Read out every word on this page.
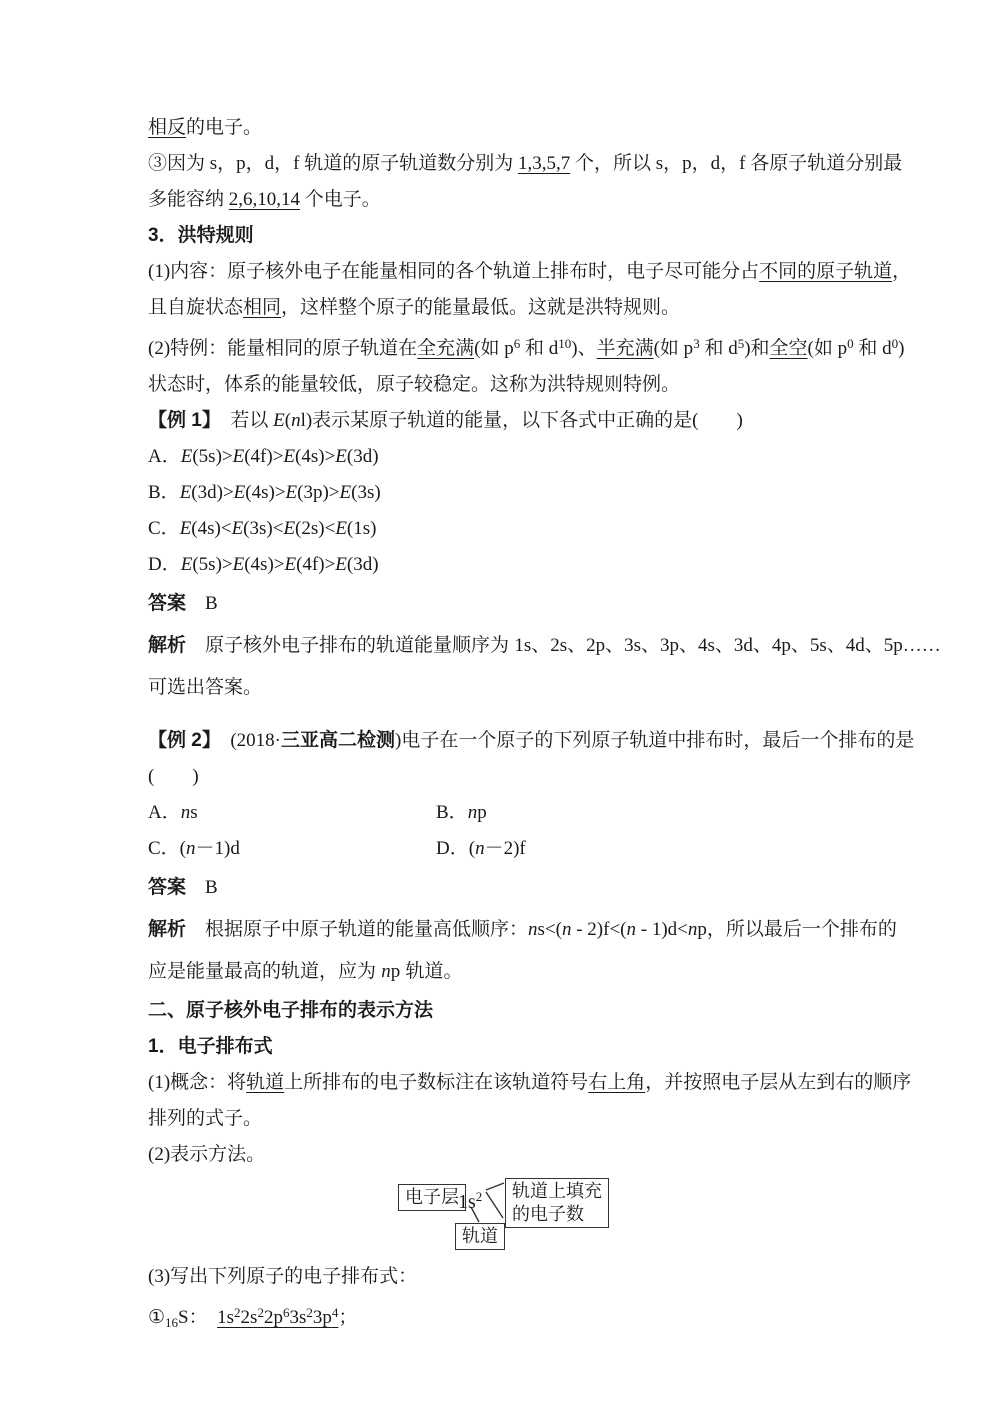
相反的电子。
③因为 s，p，d，f 轨道的原子轨道数分别为 1,3,5,7 个，所以 s，p，d，f 各原子轨道分别最
多能容纳 2,6,10,14 个电子。
3．洪特规则
(1)内容：原子核外电子在能量相同的各个轨道上排布时，电子尽可能分占不同的原子轨道，
且自旋状态相同，这样整个原子的能量最低。这就是洪特规则。
(2)特例：能量相同的原子轨道在全充满(如 $p^6$ 和 $d^{10}$)、半充满(如 $p^3$ 和 $d^5$)和全空(如 $p^0$ 和 $d^0$)
状态时，体系的能量较低，原子较稳定。这称为洪特规则特例。
【例 1】　若以 E(nl)表示某原子轨道的能量，以下各式中正确的是(　　)
A．E(5s)>E(4f)>E(4s)>E(3d)
B．E(3d)>E(4s)>E(3p)>E(3s)
C．E(4s)<E(3s)<E(2s)<E(1s)
D．E(5s)>E(4s)>E(4f)>E(3d)
答案　B
解析　 原子核外电子排布的轨道能量顺序为 1s、2s、2p、3s、3p、4s、3d、4p、5s、4d、5p……
可选出答案。
【例 2】　(2018·三亚高二检测)电子在一个原子的下列原子轨道中排布时，最后一个排布的是
(　　)
A．ns	B．np
C．(n－1)d	D．(n－2)f
答案　B
解析　 根据原子中原子轨道的能量高低顺序：ns<(n - 2)f<(n - 1)d<np，所以最后一个排布的
应是能量最高的轨道，应为 np 轨道。
二、原子核外电子排布的表示方法
1．电子排布式
(1)概念：将轨道上所排布的电子数标注在该轨道符号右上角，并按照电子层从左到右的顺序
排列的式子。
(2)表示方法。
电子层 $1s^2$	轨道上填充
的电子数
轨道
(3)写出下列原子的电子排布式：
$①_{16}S$：　$1s^22s^22p^63s^23p^4$；
